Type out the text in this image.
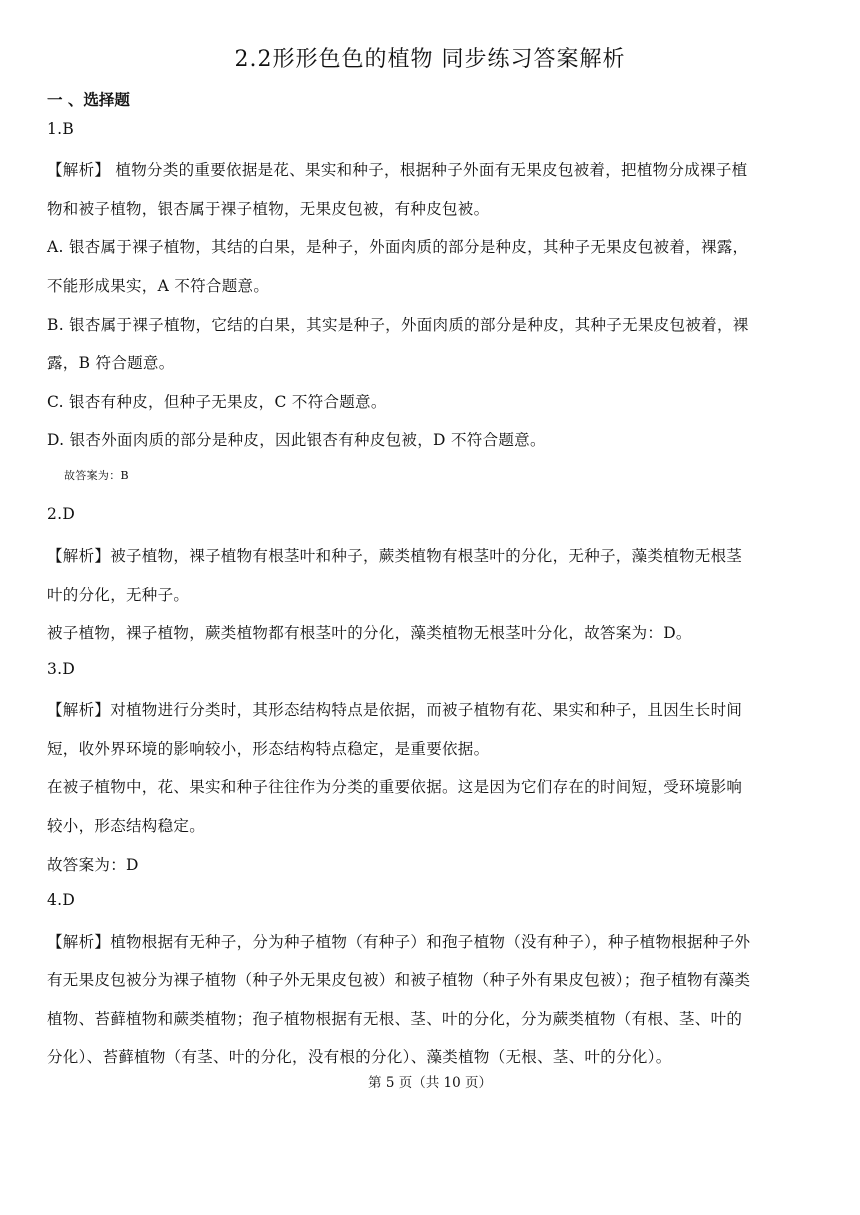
2.2形形色色的植物 同步练习答案解析
一 、选择题
1.B
【解析】 植物分类的重要依据是花、果实和种子，根据种子外面有无果皮包被着，把植物分成裸子植
物和被子植物，银杏属于裸子植物，无果皮包被，有种皮包被。
A. 银杏属于裸子植物，其结的白果，是种子，外面肉质的部分是种皮，其种子无果皮包被着，裸露，
不能形成果实，A 不符合题意。
B. 银杏属于裸子植物，它结的白果，其实是种子，外面肉质的部分是种皮，其种子无果皮包被着，裸
露，B 符合题意。
C. 银杏有种皮，但种子无果皮，C 不符合题意。
D. 银杏外面肉质的部分是种皮，因此银杏有种皮包被，D 不符合题意。
故答案为：B
2.D
【解析】被子植物，裸子植物有根茎叶和种子，蕨类植物有根茎叶的分化，无种子，藻类植物无根茎
叶的分化，无种子。
被子植物，裸子植物，蕨类植物都有根茎叶的分化，藻类植物无根茎叶分化，故答案为：D。
3.D
【解析】对植物进行分类时，其形态结构特点是依据，而被子植物有花、果实和种子，且因生长时间
短，收外界环境的影响较小，形态结构特点稳定，是重要依据。
在被子植物中，花、果实和种子往往作为分类的重要依据。这是因为它们存在的时间短，受环境影响
较小，形态结构稳定。
故答案为：D
4.D
【解析】植物根据有无种子，分为种子植物（有种子）和孢子植物（没有种子），种子植物根据种子外
有无果皮包被分为裸子植物（种子外无果皮包被）和被子植物（种子外有果皮包被）；孢子植物有藻类
植物、苔藓植物和蕨类植物；孢子植物根据有无根、茎、叶的分化，分为蕨类植物（有根、茎、叶的
分化）、苔藓植物（有茎、叶的分化，没有根的分化）、藻类植物（无根、茎、叶的分化）。
第 5 页（共 10 页）
